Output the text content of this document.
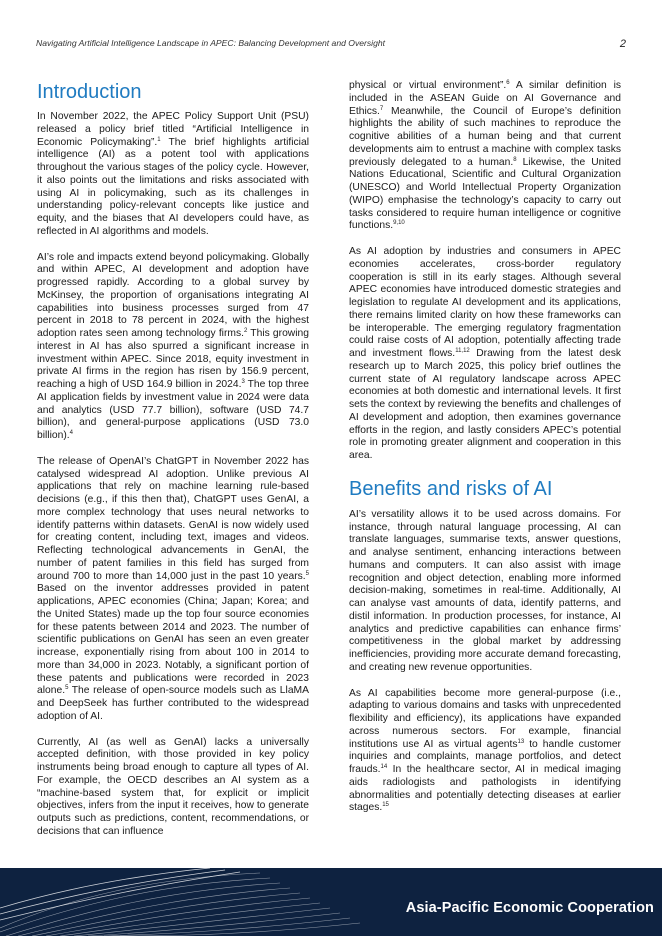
Navigating Artificial Intelligence Landscape in APEC: Balancing Development and Oversight	2
Introduction

In November 2022, the APEC Policy Support Unit (PSU) released a policy brief titled “Artificial Intelligence in Economic Policymaking”.$^1$ The brief highlights artificial intelligence (AI) as a potent tool with applications throughout the various stages of the policy cycle. However, it also points out the limitations and risks associated with using AI in policymaking, such as its challenges in understanding policy-relevant concepts like justice and equity, and the biases that AI developers could have, as reflected in AI algorithms and models.

AI’s role and impacts extend beyond policymaking. Globally and within APEC, AI development and adoption have progressed rapidly. According to a global survey by McKinsey, the proportion of organisations integrating AI capabilities into business processes surged from 47 percent in 2018 to 78 percent in 2024, with the highest adoption rates seen among technology firms.$^2$ This growing interest in AI has also spurred a significant increase in investment within APEC. Since 2018, equity investment in private AI firms in the region has risen by 156.9 percent, reaching a high of USD 164.9 billion in 2024.$^3$ The top three AI application fields by investment value in 2024 were data and analytics (USD 77.7 billion), software (USD 74.7 billion), and general-purpose applications (USD 73.0 billion).$^4$

The release of OpenAI’s ChatGPT in November 2022 has catalysed widespread AI adoption. Unlike previous AI applications that rely on machine learning rule-based decisions (e.g., if this then that), ChatGPT uses GenAI, a more complex technology that uses neural networks to identify patterns within datasets. GenAI is now widely used for creating content, including text, images and videos. Reflecting technological advancements in GenAI, the number of patent families in this field has surged from around 700 to more than 14,000 just in the past 10 years.$^5$ Based on the inventor addresses provided in patent applications, APEC economies (China; Japan; Korea; and the United States) made up the top four source economies for these patents between 2014 and 2023. The number of scientific publications on GenAI has seen an even greater increase, exponentially rising from about 100 in 2014 to more than 34,000 in 2023. Notably, a significant portion of these patents and publications were recorded in 2023 alone.$^5$ The release of open-source models such as LlaMA and DeepSeek has further contributed to the widespread adoption of AI.

Currently, AI (as well as GenAI) lacks a universally accepted definition, with those provided in key policy instruments being broad enough to capture all types of AI. For example, the OECD describes an AI system as a “machine-based system that, for explicit or implicit objectives, infers from the input it receives, how to generate outputs such as predictions, content, recommendations, or decisions that can influence

physical or virtual environment”.$^6$ A similar definition is included in the ASEAN Guide on AI Governance and Ethics.$^7$ Meanwhile, the Council of Europe’s definition highlights the ability of such machines to reproduce the cognitive abilities of a human being and that current developments aim to entrust a machine with complex tasks previously delegated to a human.$^8$ Likewise, the United Nations Educational, Scientific and Cultural Organization (UNESCO) and World Intellectual Property Organization (WIPO) emphasise the technology’s capacity to carry out tasks considered to require human intelligence or cognitive functions.$^{9,10}$

As AI adoption by industries and consumers in APEC economies accelerates, cross-border regulatory cooperation is still in its early stages. Although several APEC economies have introduced domestic strategies and legislation to regulate AI development and its applications, there remains limited clarity on how these frameworks can be interoperable. The emerging regulatory fragmentation could raise costs of AI adoption, potentially affecting trade and investment flows.$^{11,12}$ Drawing from the latest desk research up to March 2025, this policy brief outlines the current state of AI regulatory landscape across APEC economies at both domestic and international levels. It first sets the context by reviewing the benefits and challenges of AI development and adoption, then examines governance efforts in the region, and lastly considers APEC’s potential role in promoting greater alignment and cooperation in this area.

Benefits and risks of AI

AI’s versatility allows it to be used across domains. For instance, through natural language processing, AI can translate languages, summarise texts, answer questions, and analyse sentiment, enhancing interactions between humans and computers. It can also assist with image recognition and object detection, enabling more informed decision-making, sometimes in real-time. Additionally, AI can analyse vast amounts of data, identify patterns, and distil information. In production processes, for instance, AI analytics and predictive capabilities can enhance firms’ competitiveness in the global market by addressing inefficiencies, providing more accurate demand forecasting, and creating new revenue opportunities.

As AI capabilities become more general-purpose (i.e., adapting to various domains and tasks with unprecedented flexibility and efficiency), its applications have expanded across numerous sectors. For example, financial institutions use AI as virtual agents$^{13}$ to handle customer inquiries and complaints, manage portfolios, and detect frauds.$^{14}$ In the healthcare sector, AI in medical imaging aids radiologists and pathologists in identifying abnormalities and potentially detecting diseases at earlier stages.$^{15}$

Asia-Pacific Economic Cooperation
